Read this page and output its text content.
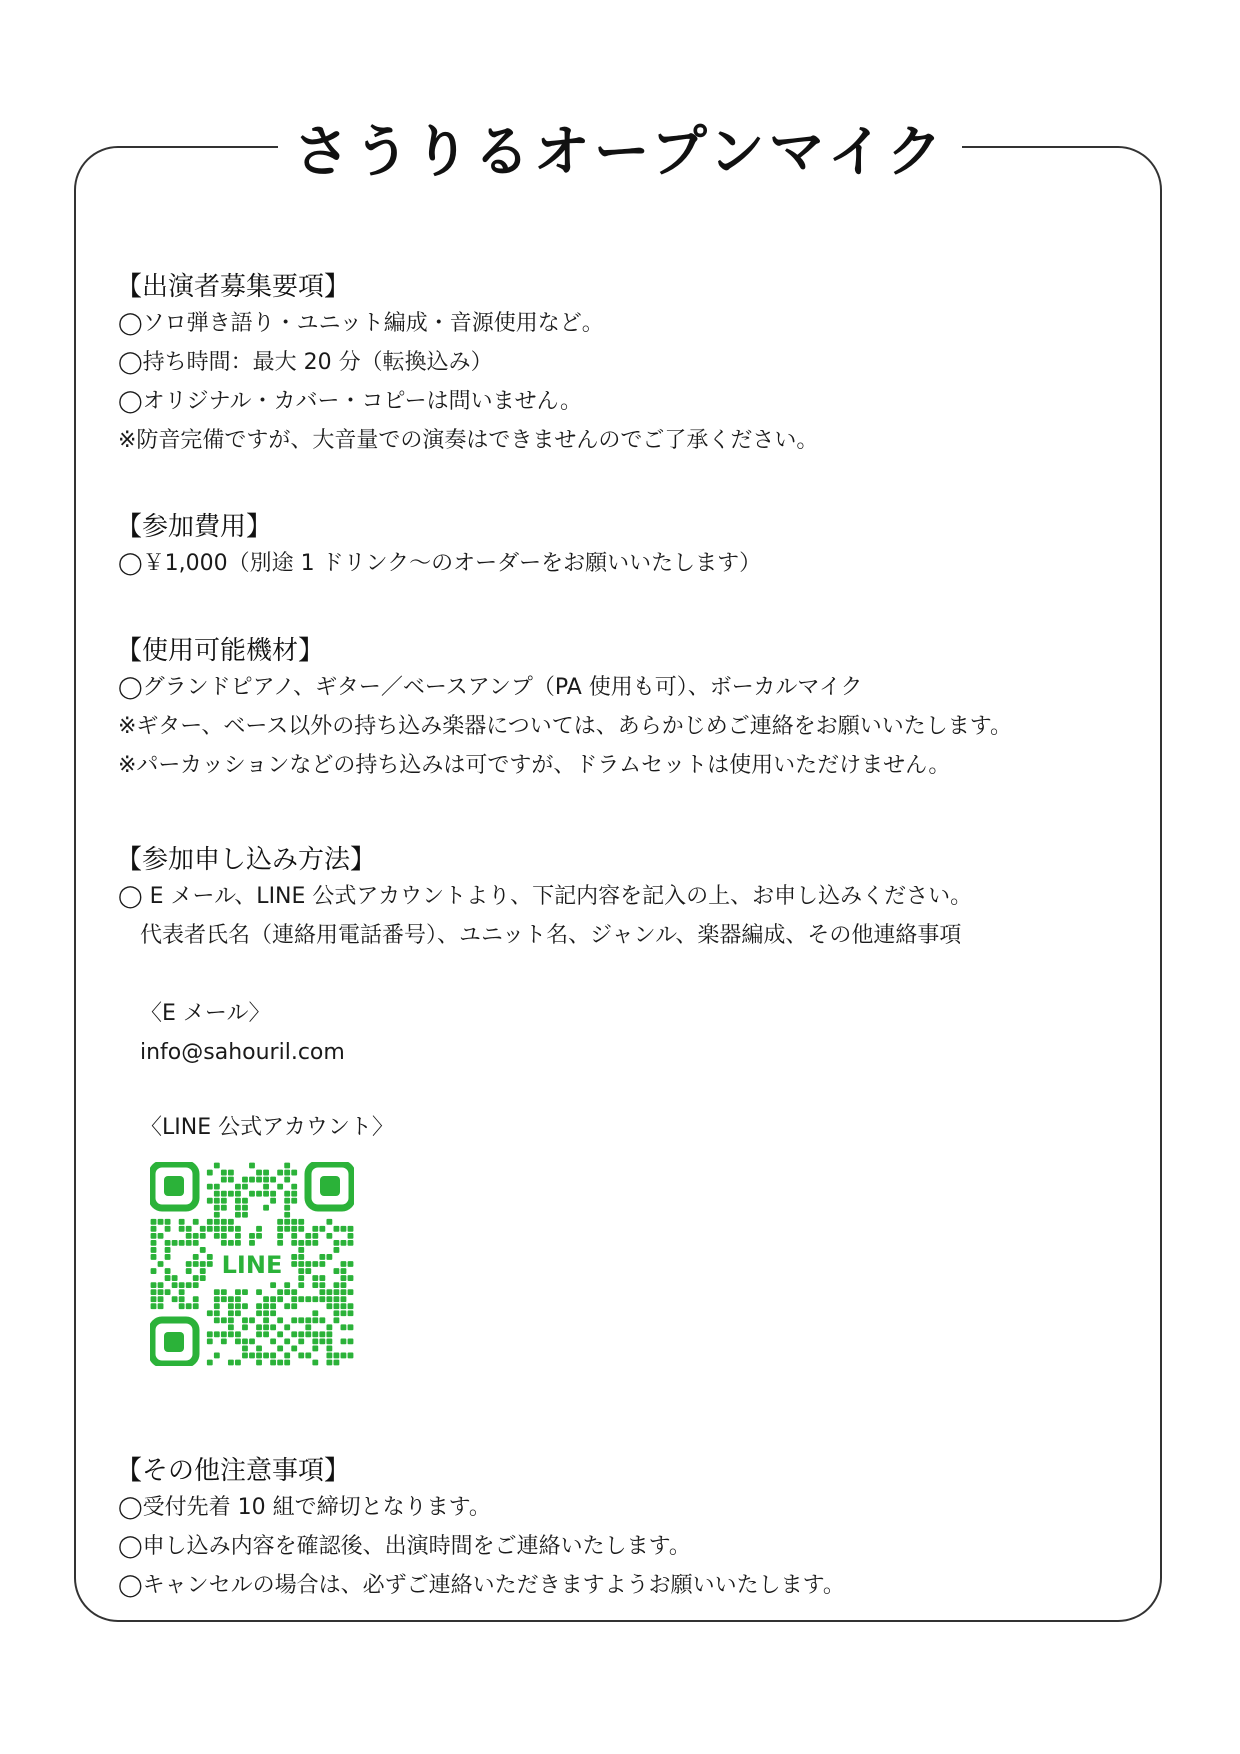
さうりるオープンマイク
【出演者募集要項】
◯ソロ弾き語り・ユニット編成・音源使用など。
◯持ち時間：最大 20 分（転換込み）
◯オリジナル・カバー・コピーは問いません。
※防音完備ですが、大音量での演奏はできませんのでご了承ください。
【参加費用】
◯￥1,000（別途 1 ドリンク〜のオーダーをお願いいたします）
【使用可能機材】
◯グランドピアノ、ギター／ベースアンプ（PA 使用も可）、ボーカルマイク
※ギター、ベース以外の持ち込み楽器については、あらかじめご連絡をお願いいたします。
※パーカッションなどの持ち込みは可ですが、ドラムセットは使用いただけません。
【参加申し込み方法】
◯ E メール、LINE 公式アカウントより、下記内容を記入の上、お申し込みください。
代表者氏名（連絡用電話番号）、ユニット名、ジャンル、楽器編成、その他連絡事項
〈E メール〉
info@sahouril.com
〈LINE 公式アカウント〉
LINE
【その他注意事項】
◯受付先着 10 組で締切となります。
◯申し込み内容を確認後、出演時間をご連絡いたします。
◯キャンセルの場合は、必ずご連絡いただきますようお願いいたします。
